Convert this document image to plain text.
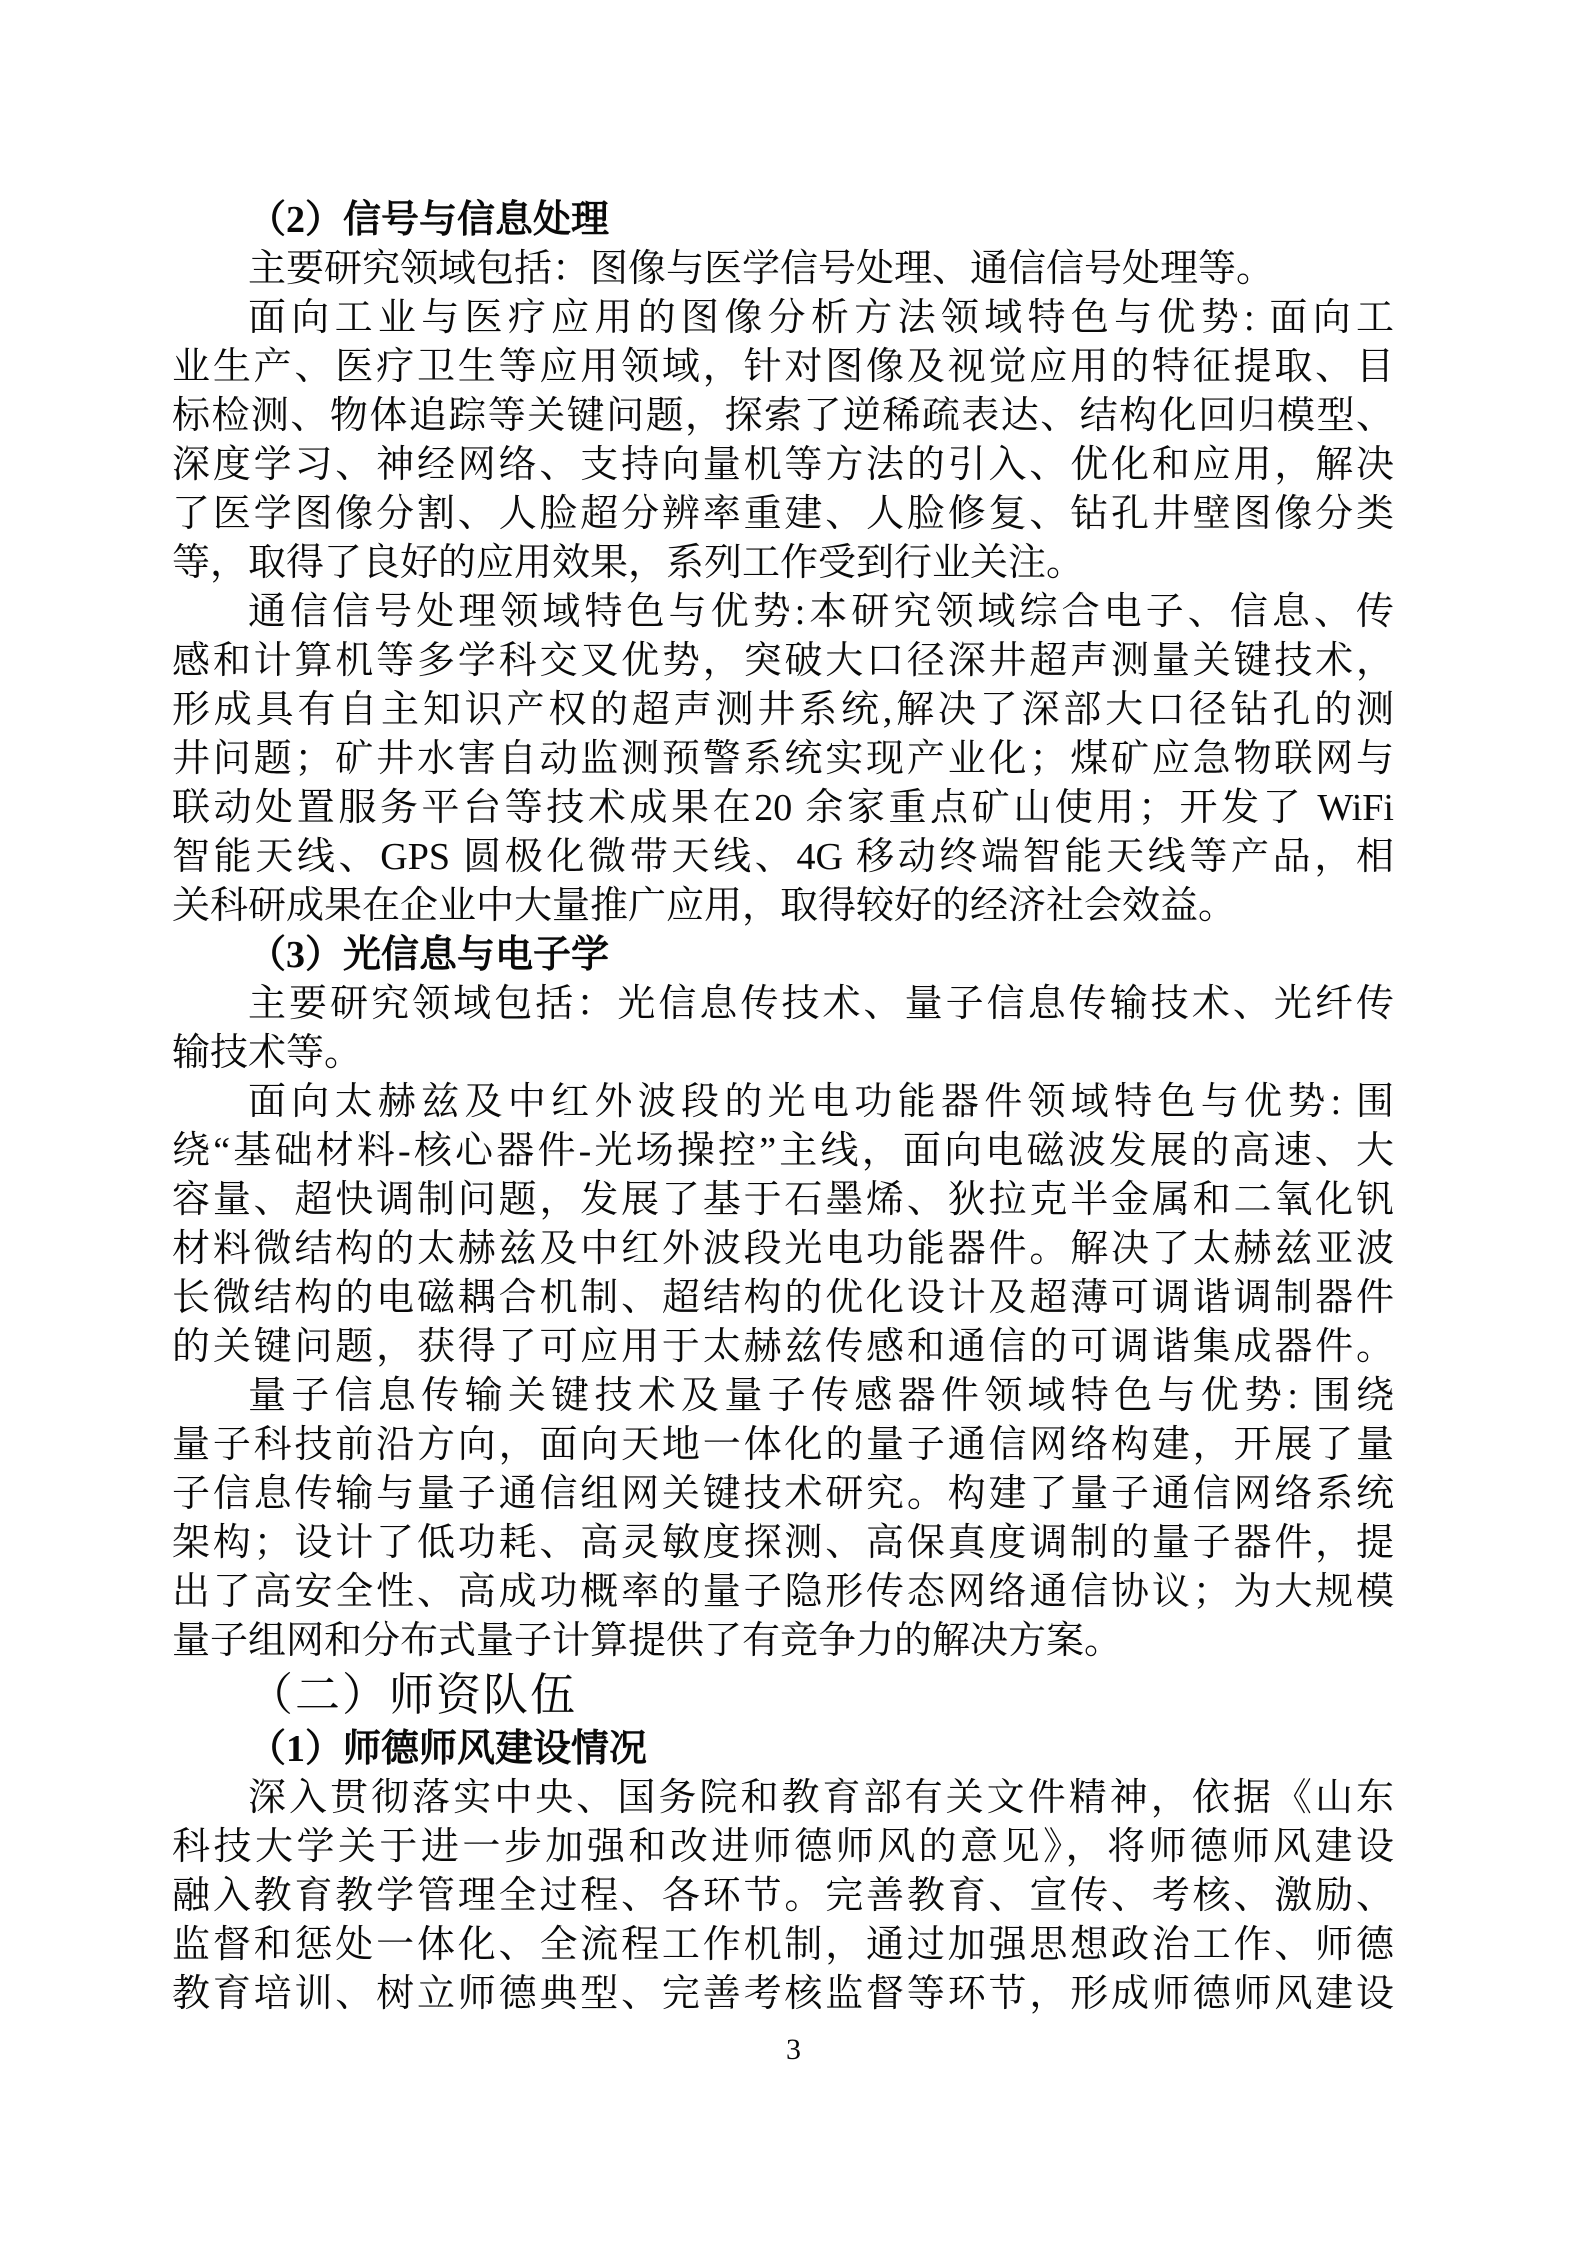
（2）信号与信息处理
主要研究领域包括：图像与医学信号处理、通信信号处理等。
面向工业与医疗应用的图像分析方法领域特色与优势: 面向工
业生产、医疗卫生等应用领域，针对图像及视觉应用的特征提取、目
标检测、物体追踪等关键问题，探索了逆稀疏表达、结构化回归模型、
深度学习、神经网络、支持向量机等方法的引入、优化和应用，解决
了医学图像分割、人脸超分辨率重建、人脸修复、钻孔井壁图像分类
等，取得了良好的应用效果，系列工作受到行业关注。
通信信号处理领域特色与优势:本研究领域综合电子、信息、传
感和计算机等多学科交叉优势，突破大口径深井超声测量关键技术，
形成具有自主知识产权的超声测井系统,解决了深部大口径钻孔的测
井问题；矿井水害自动监测预警系统实现产业化；煤矿应急物联网与
联动处置服务平台等技术成果在20 余家重点矿山使用；开发了 WiFi
智能天线、GPS 圆极化微带天线、4G 移动终端智能天线等产品，相
关科研成果在企业中大量推广应用，取得较好的经济社会效益。
（3）光信息与电子学
主要研究领域包括：光信息传技术、量子信息传输技术、光纤传
输技术等。
面向太赫兹及中红外波段的光电功能器件领域特色与优势: 围
绕“基础材料-核心器件-光场操控”主线，面向电磁波发展的高速、大
容量、超快调制问题，发展了基于石墨烯、狄拉克半金属和二氧化钒
材料微结构的太赫兹及中红外波段光电功能器件。解决了太赫兹亚波
长微结构的电磁耦合机制、超结构的优化设计及超薄可调谐调制器件
的关键问题，获得了可应用于太赫兹传感和通信的可调谐集成器件。
量子信息传输关键技术及量子传感器件领域特色与优势: 围绕
量子科技前沿方向，面向天地一体化的量子通信网络构建，开展了量
子信息传输与量子通信组网关键技术研究。构建了量子通信网络系统
架构；设计了低功耗、高灵敏度探测、高保真度调制的量子器件，提
出了高安全性、高成功概率的量子隐形传态网络通信协议；为大规模
量子组网和分布式量子计算提供了有竞争力的解决方案。
（二）师资队伍
（1）师德师风建设情况
深入贯彻落实中央、国务院和教育部有关文件精神，依据《山东
科技大学关于进一步加强和改进师德师风的意见》，将师德师风建设
融入教育教学管理全过程、各环节。完善教育、宣传、考核、激励、
监督和惩处一体化、全流程工作机制，通过加强思想政治工作、师德
教育培训、树立师德典型、完善考核监督等环节，形成师德师风建设
3
